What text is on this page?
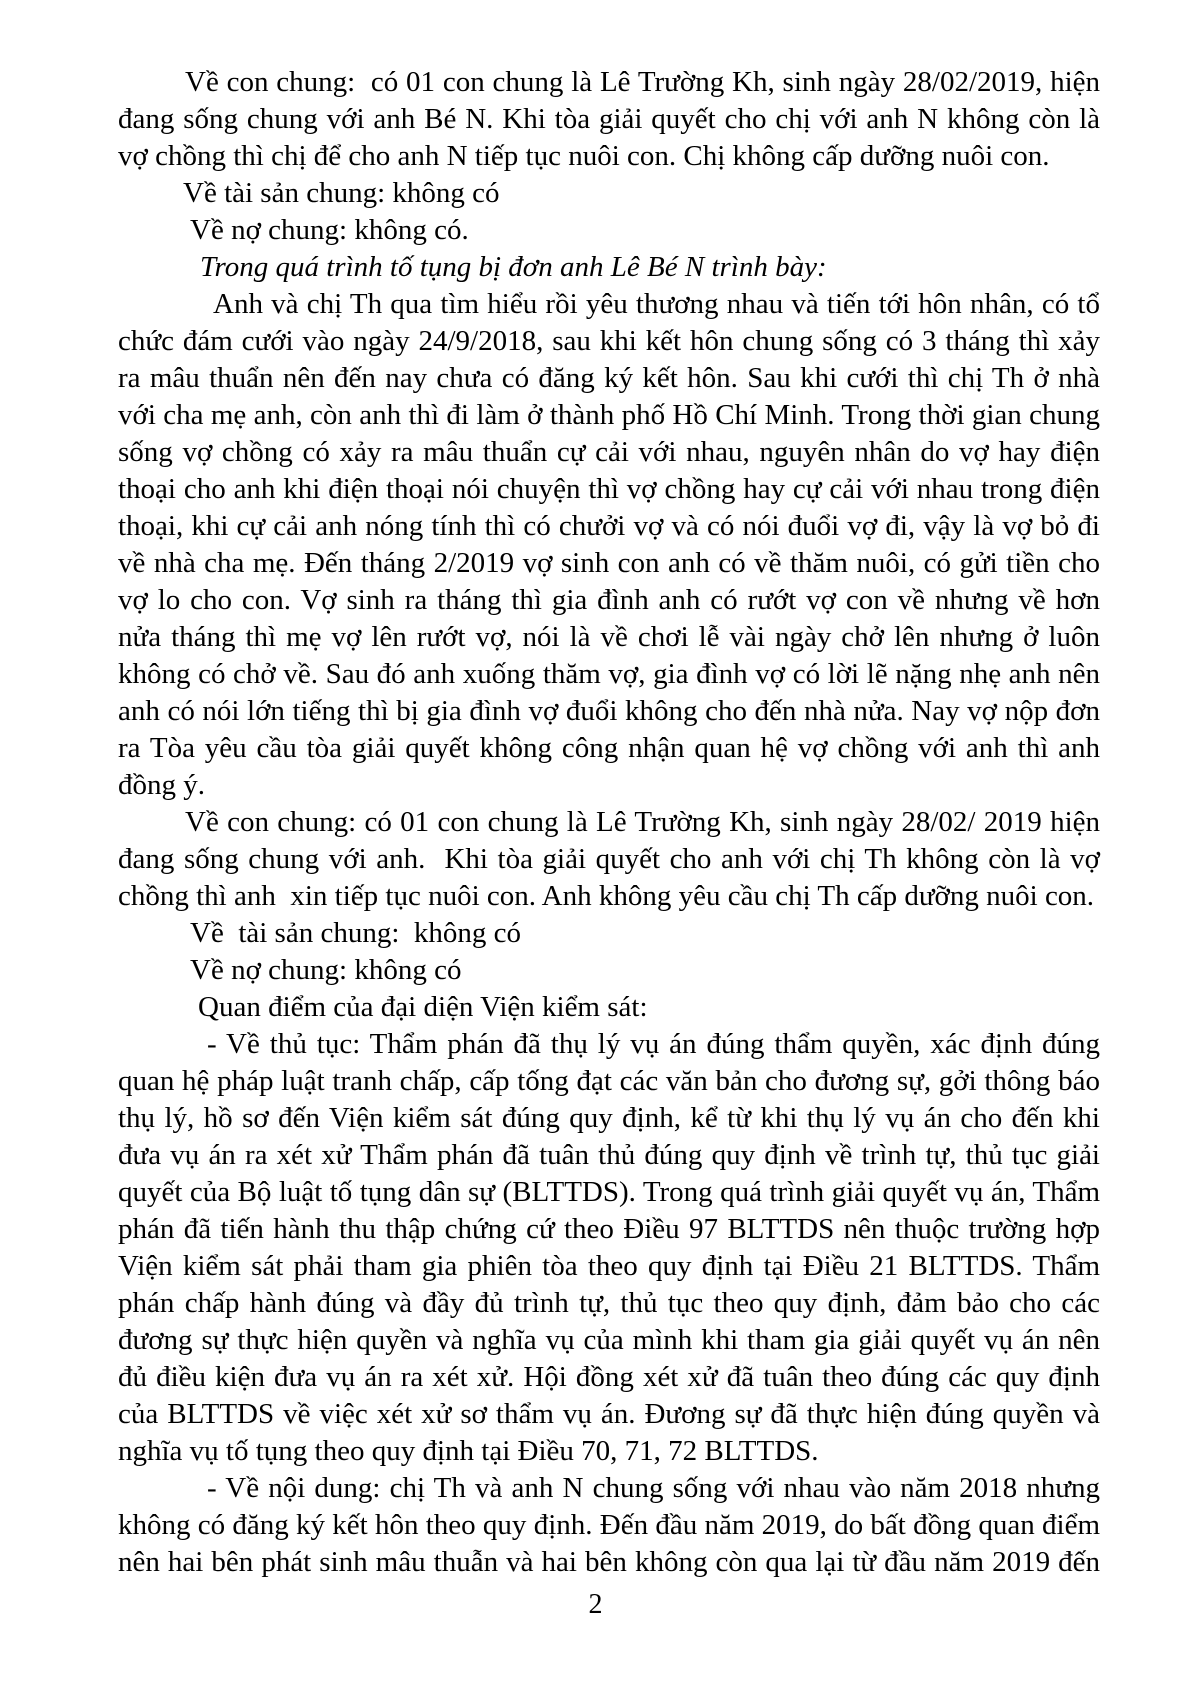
Về con chung:  có 01 con chung là Lê Trường Kh, sinh ngày 28/02/2019, hiện đang sống chung với anh Bé N. Khi tòa giải quyết cho chị với anh N không còn là vợ chồng thì chị để cho anh N tiếp tục nuôi con. Chị không cấp dưỡng nuôi con.

Về tài sản chung: không có

Về nợ chung: không có.

Trong quá trình tố tụng bị đơn anh Lê Bé N trình bày:

Anh và chị Th qua tìm hiểu rồi yêu thương nhau và tiến tới hôn nhân, có tổ chức đám cưới vào ngày 24/9/2018, sau khi kết hôn chung sống có 3 tháng thì xảy ra mâu thuẩn nên đến nay chưa có đăng ký kết hôn. Sau khi cưới thì chị Th ở nhà với cha mẹ anh, còn anh thì đi làm ở thành phố Hồ Chí Minh. Trong thời gian chung sống vợ chồng có xảy ra mâu thuẩn cự cải với nhau, nguyên nhân do vợ hay điện thoại cho anh khi điện thoại nói chuyện thì vợ chồng hay cự cải với nhau trong điện thoại, khi cự cải anh nóng tính thì có chưởi vợ và có nói đuổi vợ đi, vậy là vợ bỏ đi về nhà cha mẹ. Đến tháng 2/2019 vợ sinh con anh có về thăm nuôi, có gửi tiền cho vợ lo cho con. Vợ sinh ra tháng thì gia đình anh có rướt vợ con về nhưng về hơn nửa tháng thì mẹ vợ lên rướt vợ, nói là về chơi lễ vài ngày chở lên nhưng ở luôn không có chở về. Sau đó anh xuống thăm vợ, gia đình vợ có lời lẽ nặng nhẹ anh nên anh có nói lớn tiếng thì bị gia đình vợ đuổi không cho đến nhà nửa. Nay vợ nộp đơn ra Tòa yêu cầu tòa giải quyết không công nhận quan hệ vợ chồng với anh thì anh đồng ý.

Về con chung: có 01 con chung là Lê Trường Kh, sinh ngày 28/02/ 2019 hiện đang sống chung với anh.  Khi tòa giải quyết cho anh với chị Th không còn là vợ chồng thì anh  xin tiếp tục nuôi con. Anh không yêu cầu chị Th cấp dưỡng nuôi con.

Về  tài sản chung:  không có

Về nợ chung: không có

Quan điểm của đại diện Viện kiểm sát:

- Về thủ tục: Thẩm phán đã thụ lý vụ án đúng thẩm quyền, xác định đúng quan hệ pháp luật tranh chấp, cấp tống đạt các văn bản cho đương sự, gởi thông báo thụ lý, hồ sơ đến Viện kiểm sát đúng quy định, kể từ khi thụ lý vụ án cho đến khi đưa vụ án ra xét xử Thẩm phán đã tuân thủ đúng quy định về trình tự, thủ tục giải quyết của Bộ luật tố tụng dân sự (BLTTDS). Trong quá trình giải quyết vụ án, Thẩm phán đã tiến hành thu thập chứng cứ theo Điều 97 BLTTDS nên thuộc trường hợp Viện kiểm sát phải tham gia phiên tòa theo quy định tại Điều 21 BLTTDS. Thẩm phán chấp hành đúng và đầy đủ trình tự, thủ tục theo quy định, đảm bảo cho các đương sự thực hiện quyền và nghĩa vụ của mình khi tham gia giải quyết vụ án nên đủ điều kiện đưa vụ án ra xét xử. Hội đồng xét xử đã tuân theo đúng các quy định của BLTTDS về việc xét xử sơ thẩm vụ án. Đương sự đã thực hiện đúng quyền và nghĩa vụ tố tụng theo quy định tại Điều 70, 71, 72 BLTTDS.

- Về nội dung: chị Th và anh N chung sống với nhau vào năm 2018 nhưng không có đăng ký kết hôn theo quy định. Đến đầu năm 2019, do bất đồng quan điểm nên hai bên phát sinh mâu thuẫn và hai bên không còn qua lại từ đầu năm 2019 đến

2
